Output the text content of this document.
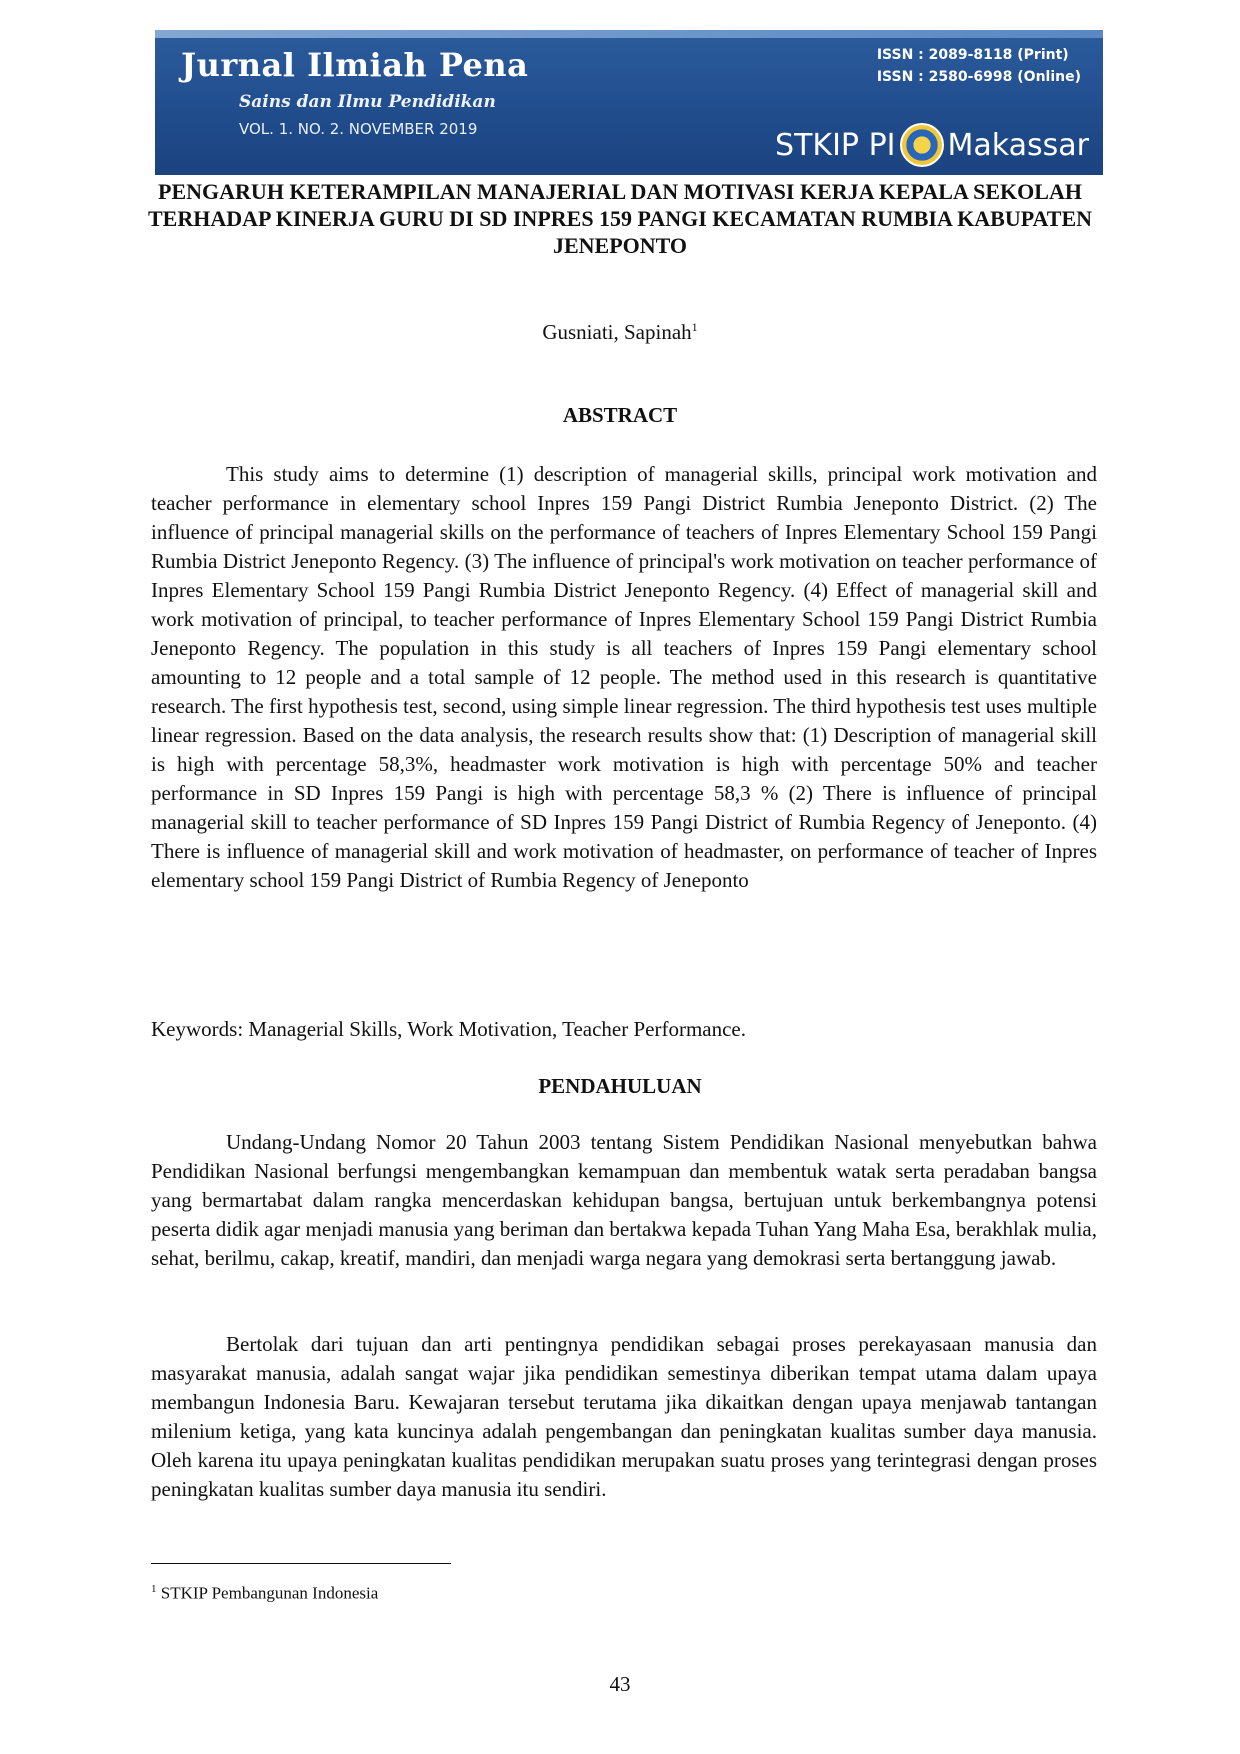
Jurnal Ilmiah Pena
Sains dan Ilmu Pendidikan
VOL. 1. NO. 2. NOVEMBER 2019
ISSN : 2089-8118 (Print)
ISSN : 2580-6998 (Online)
STKIP PI Makassar
PENGARUH KETERAMPILAN MANAJERIAL DAN MOTIVASI KERJA KEPALA SEKOLAH TERHADAP KINERJA GURU DI SD INPRES 159 PANGI KECAMATAN RUMBIA KABUPATEN JENEPONTO
Gusniati, Sapinah$^1$
ABSTRACT

This study aims to determine (1) description of managerial skills, principal work motivation and teacher performance in elementary school Inpres 159 Pangi District Rumbia Jeneponto District. (2) The influence of principal managerial skills on the performance of teachers of Inpres Elementary School 159 Pangi Rumbia District Jeneponto Regency. (3) The influence of principal's work motivation on teacher performance of Inpres Elementary School 159 Pangi Rumbia District Jeneponto Regency. (4) Effect of managerial skill and work motivation of principal, to teacher performance of Inpres Elementary School 159 Pangi District Rumbia Jeneponto Regency. The population in this study is all teachers of Inpres 159 Pangi elementary school amounting to 12 people and a total sample of 12 people. The method used in this research is quantitative research. The first hypothesis test, second, using simple linear regression. The third hypothesis test uses multiple linear regression. Based on the data analysis, the research results show that: (1) Description of managerial skill is high with percentage 58,3%, headmaster work motivation is high with percentage 50% and teacher performance in SD Inpres 159 Pangi is high with percentage 58,3 % (2) There is influence of principal managerial skill to teacher performance of SD Inpres 159 Pangi District of Rumbia Regency of Jeneponto. (4) There is influence of managerial skill and work motivation of headmaster, on performance of teacher of Inpres elementary school 159 Pangi District of Rumbia Regency of Jeneponto

Keywords: Managerial Skills, Work Motivation, Teacher Performance.

PENDAHULUAN

Undang-Undang Nomor 20 Tahun 2003 tentang Sistem Pendidikan Nasional menyebutkan bahwa Pendidikan Nasional berfungsi mengembangkan kemampuan dan membentuk watak serta peradaban bangsa yang bermartabat dalam rangka mencerdaskan kehidupan bangsa, bertujuan untuk berkembangnya potensi peserta didik agar menjadi manusia yang beriman dan bertakwa kepada Tuhan Yang Maha Esa, berakhlak mulia, sehat, berilmu, cakap, kreatif, mandiri, dan menjadi warga negara yang demokrasi serta bertanggung jawab.

Bertolak dari tujuan dan arti pentingnya pendidikan sebagai proses perekayasaan manusia dan masyarakat manusia, adalah sangat wajar jika pendidikan semestinya diberikan tempat utama dalam upaya membangun Indonesia Baru. Kewajaran tersebut terutama jika dikaitkan dengan upaya menjawab tantangan milenium ketiga, yang kata kuncinya adalah pengembangan dan peningkatan kualitas sumber daya manusia. Oleh karena itu upaya peningkatan kualitas pendidikan merupakan suatu proses yang terintegrasi dengan proses peningkatan kualitas sumber daya manusia itu sendiri.

$^1$ STKIP Pembangunan Indonesia
43
